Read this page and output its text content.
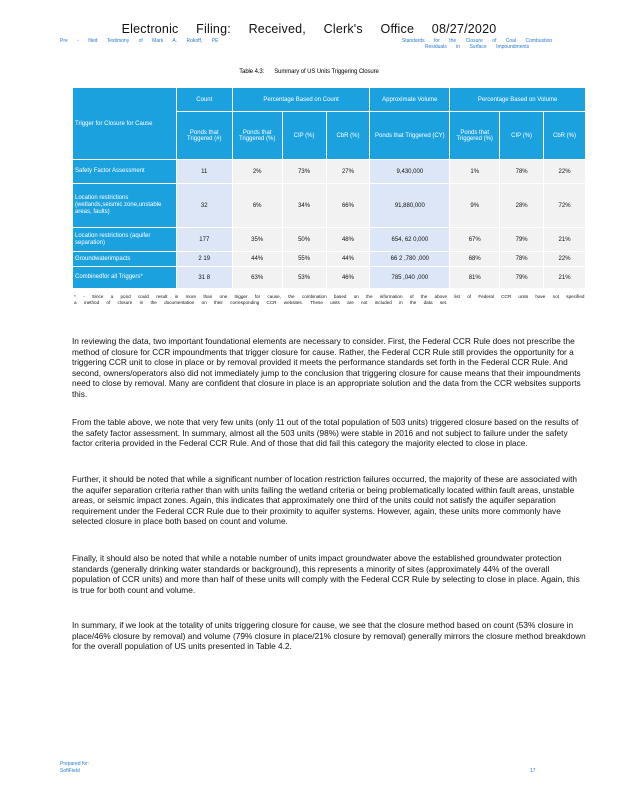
Electronic Filing: Received, Clerk's Office 08/27/2020
Pre - filed Testimony of Mark A. Rokoff, PE	Standards for the Closure of Coal Combustion
Residuals in Surface Impoundments
Table 4.3: Summary of US Units Triggering Closure
Trigger for Closure for Cause	Count	Percentage Based on Count			Approximate Volume	Percentage Based on Volume		
	Ponds that Triggered (#)	Ponds that Triggered (%)	CIP (%)	CbR (%)	Ponds that Triggered (CY)	Ponds that Triggered (%)	CIP (%)	CbR (%)
Safety Factor Assessment	11	2%	73%	27%	9,430,000	1%	78%	22%
Location restrictions (wetlands,seismic zone,unstable areas, faults)	32	6%	34%	66%	91,880,000	9%	28%	72%
Location restrictions (aquifer separation)	177	35%	50%	48%	654, 62 0,000	67%	79%	21%
Groundwaterimpacts	2 19	44%	55%	44%	66 2 ,780 ,000	68%	78%	22%
Combinedfor all Triggers*	31 8	63%	53%	46%	785 ,040 ,000	81%	79%	21%
* - Since a pond could result in more than one trigger for cause, the combination based on the information of the above list of Federal CCR units have not specified a method of closure in the documentation on their corresponding CCR websites. These units are not included in the data set.

In reviewing the data, two important foundational elements are necessary to consider. First, the Federal CCR Rule does not prescribe the method of closure for CCR impoundments that trigger closure for cause. Rather, the Federal CCR Rule still provides the opportunity for a triggering CCR unit to close in place or by removal provided it meets the performance standards set forth in the Federal CCR Rule. And second, owners/operators also did not immediately jump to the conclusion that triggering closure for cause means that their impoundments need to close by removal. Many are confident that closure in place is an appropriate solution and the data from the CCR websites supports this.

From the table above, we note that very few units (only 11 out of the total population of 503 units) triggered closure based on the results of the safety factor assessment. In summary, almost all the 503 units (98%) were stable in 2016 and not subject to failure under the safety factor criteria provided in the Federal CCR Rule. And of those that did fail this category the majority elected to close in place.

Further, it should be noted that while a significant number of location restriction failures occurred, the majority of these are associated with the aquifer separation criteria rather than with units failing the wetland criteria or being problematically located within fault areas, unstable areas, or seismic impact zones. Again, this indicates that approximately one third of the units could not satisfy the aquifer separation requirement under the Federal CCR Rule due to their proximity to aquifer systems. However, again, these units more commonly have selected closure in place both based on count and volume.

Finally, it should also be noted that while a notable number of units impact groundwater above the established groundwater protection standards (generally drinking water standards or background), this represents a minority of sites (approximately 44% of the overall population of CCR units) and more than half of these units will comply with the Federal CCR Rule by selecting to close in place. Again, this is true for both count and volume.

In summary, if we look at the totality of units triggering closure for cause, we see that the closure method based on count (53% closure in place/46% closure by removal) and volume (79% closure in place/21% closure by removal) generally mirrors the closure method breakdown for the overall population of US units presented in Table 4.2.

Prepared for:
SoftField	17
